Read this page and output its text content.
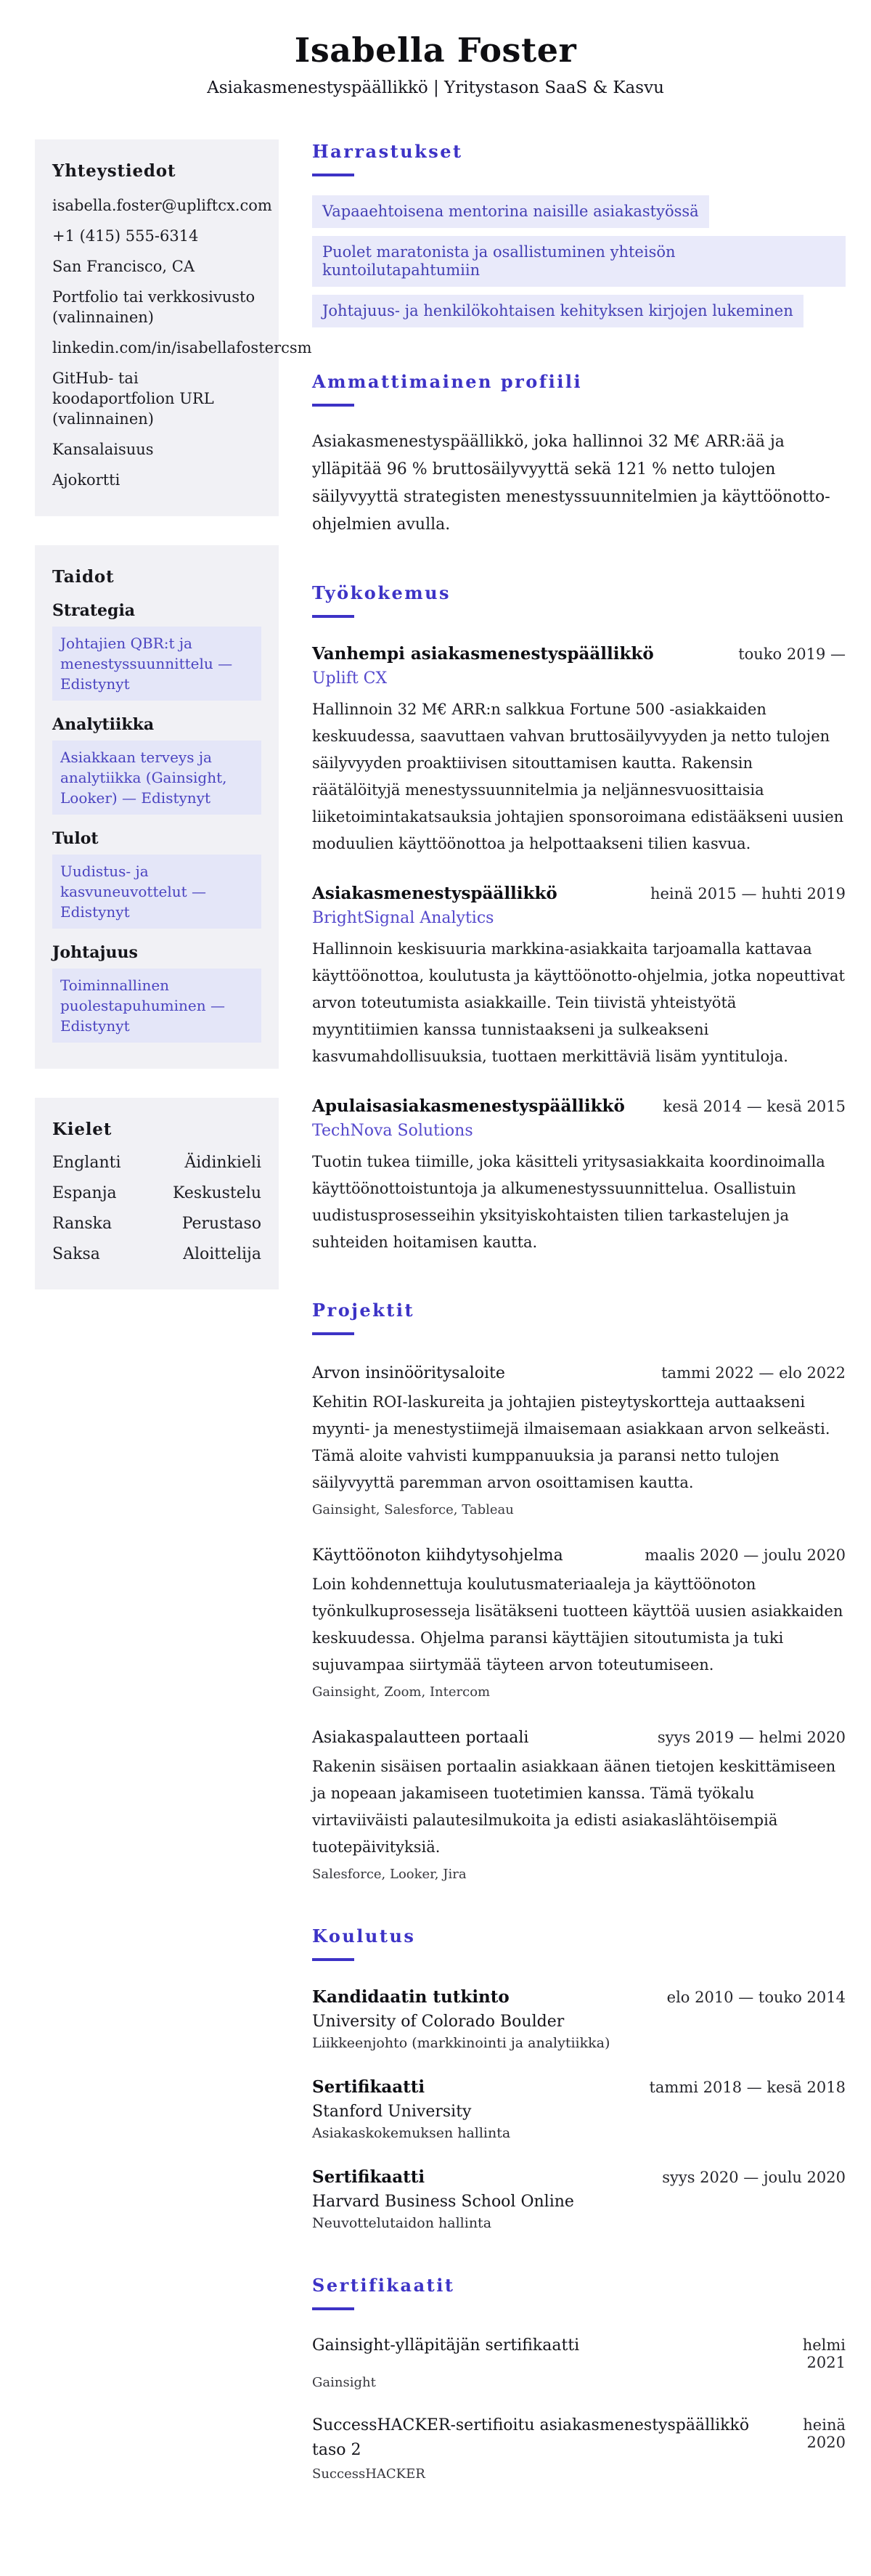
Isabella Foster
Asiakasmenestyspäällikkö | Yritystason SaaS & Kasvu
Yhteystiedot
isabella.foster@upliftcx.com
+1 (415) 555-6314
San Francisco, CA
Portfolio tai verkkosivusto (valinnainen)
linkedin.com/in/isabellafostercsm
GitHub- tai koodaportfolion URL (valinnainen)
Kansalaisuus
Ajokortti
Taidot
Strategia
Johtajien QBR:t ja menestyssuunnittelu — Edistynyt
Analytiikka
Asiakkaan terveys ja analytiikka (Gainsight, Looker) — Edistynyt
Tulot
Uudistus- ja kasvuneuvottelut — Edistynyt
Johtajuus
Toiminnallinen puolestapuhuminen — Edistynyt
Kielet
Englanti	Äidinkieli
Espanja	Keskustelu
Ranska	Perustaso
Saksa	Aloittelija
Harrastukset
Vapaaehtoisena mentorina naisille asiakastyössä
Puolet maratonista ja osallistuminen yhteisön kuntoilutapahtumiin
Johtajuus- ja henkilökohtaisen kehityksen kirjojen lukeminen
Ammattimainen profiili

Asiakasmenestyspäällikkö, joka hallinnoi 32 M€ ARR:ää ja ylläpitää 96 % bruttosäilyvyyttä sekä 121 % netto tulojen säilyvyyttä strategisten menestyssuunnitelmien ja käyttöönotto-ohjelmien avulla.

Työkokemus
Vanhempi asiakasmenestyspäällikkö	touko 2019 —
Uplift CX
Hallinnoin 32 M€ ARR:n salkkua Fortune 500 -asiakkaiden keskuudessa, saavuttaen vahvan bruttosäilyvyyden ja netto tulojen säilyvyyden proaktiivisen sitouttamisen kautta. Rakensin räätälöityjä menestyssuunnitelmia ja neljännesvuosittaisia liiketoimintakatsauksia johtajien sponsoroimana edistääkseni uusien moduulien käyttöönottoa ja helpottaakseni tilien kasvua.
Asiakasmenestyspäällikkö	heinä 2015 — huhti 2019
BrightSignal Analytics
Hallinnoin keskisuuria markkina-asiakkaita tarjoamalla kattavaa käyttöönottoa, koulutusta ja käyttöönotto-ohjelmia, jotka nopeuttivat arvon toteutumista asiakkaille. Tein tiivistä yhteistyötä myyntitiimien kanssa tunnistaakseni ja sulkeakseni kasvumahdollisuuksia, tuottaen merkittäviä lisäm yyntituloja.
Apulaisasiakasmenestyspäällikkö	kesä 2014 — kesä 2015
TechNova Solutions
Tuotin tukea tiimille, joka käsitteli yritysasiakkaita koordinoimalla käyttöönottoistuntoja ja alkumenestyssuunnittelua. Osallistuin uudistusprosesseihin yksityiskohtaisten tilien tarkastelujen ja suhteiden hoitamisen kautta.
Projektit
Arvon insinööritysaloite	tammi 2022 — elo 2022
Kehitin ROI-laskureita ja johtajien pisteytyskortteja auttaakseni myynti- ja menestystiimejä ilmaisemaan asiakkaan arvon selkeästi. Tämä aloite vahvisti kumppanuuksia ja paransi netto tulojen säilyvyyttä paremman arvon osoittamisen kautta.
Gainsight, Salesforce, Tableau
Käyttöönoton kiihdytysohjelma	maalis 2020 — joulu 2020
Loin kohdennettuja koulutusmateriaaleja ja käyttöönoton työnkulkuprosesseja lisätäkseni tuotteen käyttöä uusien asiakkaiden keskuudessa. Ohjelma paransi käyttäjien sitoutumista ja tuki sujuvampaa siirtymää täyteen arvon toteutumiseen.
Gainsight, Zoom, Intercom
Asiakaspalautteen portaali	syys 2019 — helmi 2020
Rakenin sisäisen portaalin asiakkaan äänen tietojen keskittämiseen ja nopeaan jakamiseen tuotetimien kanssa. Tämä työkalu virtaviiväisti palautesilmukoita ja edisti asiakaslähtöisempiä tuotepäivityksiä.
Salesforce, Looker, Jira
Koulutus
Kandidaatin tutkinto	elo 2010 — touko 2014
University of Colorado Boulder
Liikkeenjohto (markkinointi ja analytiikka)
Sertifikaatti	tammi 2018 — kesä 2018
Stanford University
Asiakaskokemuksen hallinta
Sertifikaatti	syys 2020 — joulu 2020
Harvard Business School Online
Neuvottelutaidon hallinta
Sertifikaatit
Gainsight-ylläpitäjän sertifikaatti	helmi 2021
Gainsight
SuccessHACKER-sertifioitu asiakasmenestyspäällikkö taso 2
heinä 2020
SuccessHACKER
